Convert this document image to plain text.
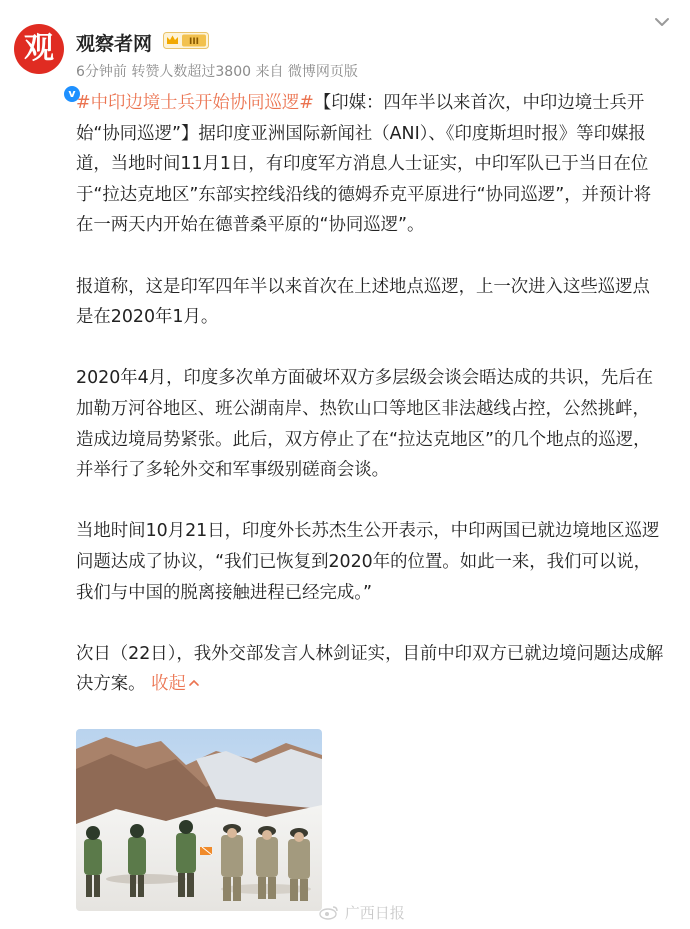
观
v
观察者网	III
6分钟前 转赞人数超过3800 来自 微博网页版

#中印边境士兵开始协同巡逻#【印媒：四年半以来首次，中印边境士兵开始“协同巡逻”】据印度亚洲国际新闻社（ANI）、《印度斯坦时报》等印媒报道，当地时间11月1日，有印度军方消息人士证实，中印军队已于当日在位于“拉达克地区”东部实控线沿线的德姆乔克平原进行“协同巡逻”，并预计将在一两天内开始在德普桑平原的“协同巡逻”。

报道称，这是印军四年半以来首次在上述地点巡逻，上一次进入这些巡逻点是在2020年1月。

2020年4月，印度多次单方面破坏双方多层级会谈会晤达成的共识，先后在加勒万河谷地区、班公湖南岸、热钦山口等地区非法越线占控，公然挑衅，造成边境局势紧张。此后，双方停止了在“拉达克地区”的几个地点的巡逻，并举行了多轮外交和军事级别磋商会谈。

当地时间10月21日，印度外长苏杰生公开表示，中印两国已就边境地区巡逻问题达成了协议，“我们已恢复到2020年的位置。如此一来，我们可以说，我们与中国的脱离接触进程已经完成。”

次日（22日），我外交部发言人林剑证实，目前中印双方已就边境问题达成解决方案。 收起

广西日报
